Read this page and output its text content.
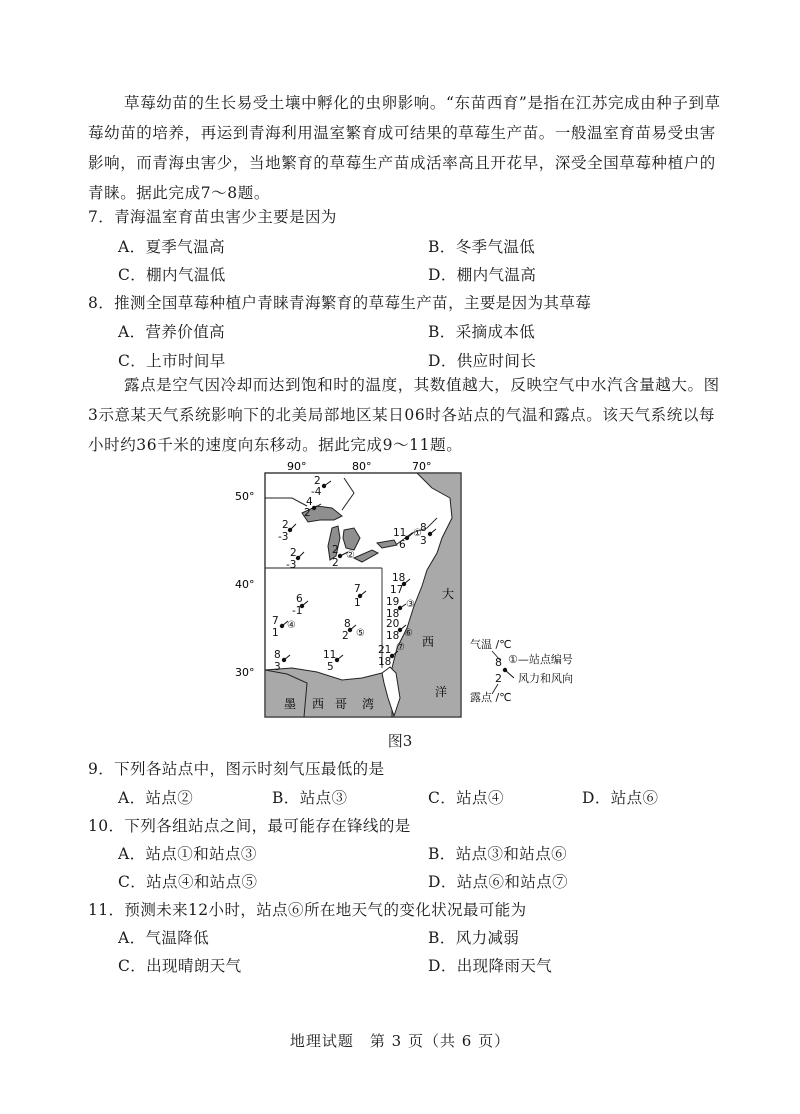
草莓幼苗的生长易受土壤中孵化的虫卵影响。“东苗西育”是指在江苏完成由种子到草莓幼苗的培养，再运到青海利用温室繁育成可结果的草莓生产苗。一般温室育苗易受虫害影响，而青海虫害少，当地繁育的草莓生产苗成活率高且开花早，深受全国草莓种植户的青睐。据此完成7～8题。

7．青海温室育苗虫害少主要是因为
A．夏季气温高	B．冬季气温低
C．棚内气温低	D．棚内气温高
8．推测全国草莓种植户青睐青海繁育的草莓生产苗，主要是因为其草莓
A．营养价值高	B．采摘成本低
C．上市时间早	D．供应时间长

露点是空气因冷却而达到饱和时的温度，其数值越大，反映空气中水汽含量越大。图3示意某天气系统影响下的北美局部地区某日06时各站点的气温和露点。该天气系统以每小时约36千米的速度向东移动。据此完成9～11题。

90°	80°	70°
50°
40°
30°
墨 西 哥 湾
大
西
洋
2
-4
4
2
2
-3
2
-3
2
2
②
11
6
①
8
3
7
1
18
17
19
18
③
6
-1
7
1
④	8
2 ⑤
20
18 ⑥
21
18
⑦
8
3
11
5
气温 /℃
露点 /℃
8
2
①—站点编号
风力和风向
图3
9．下列各站点中，图示时刻气压最低的是
A．站点②	B．站点③	C．站点④	D．站点⑥
10．下列各组站点之间，最可能存在锋线的是
A．站点①和站点③	B．站点③和站点⑥
C．站点④和站点⑤	D．站点⑥和站点⑦
11．预测未来12小时，站点⑥所在地天气的变化状况最可能为
A．气温降低	B．风力减弱
C．出现晴朗天气	D．出现降雨天气
地理试题　第 3 页（共 6 页）
